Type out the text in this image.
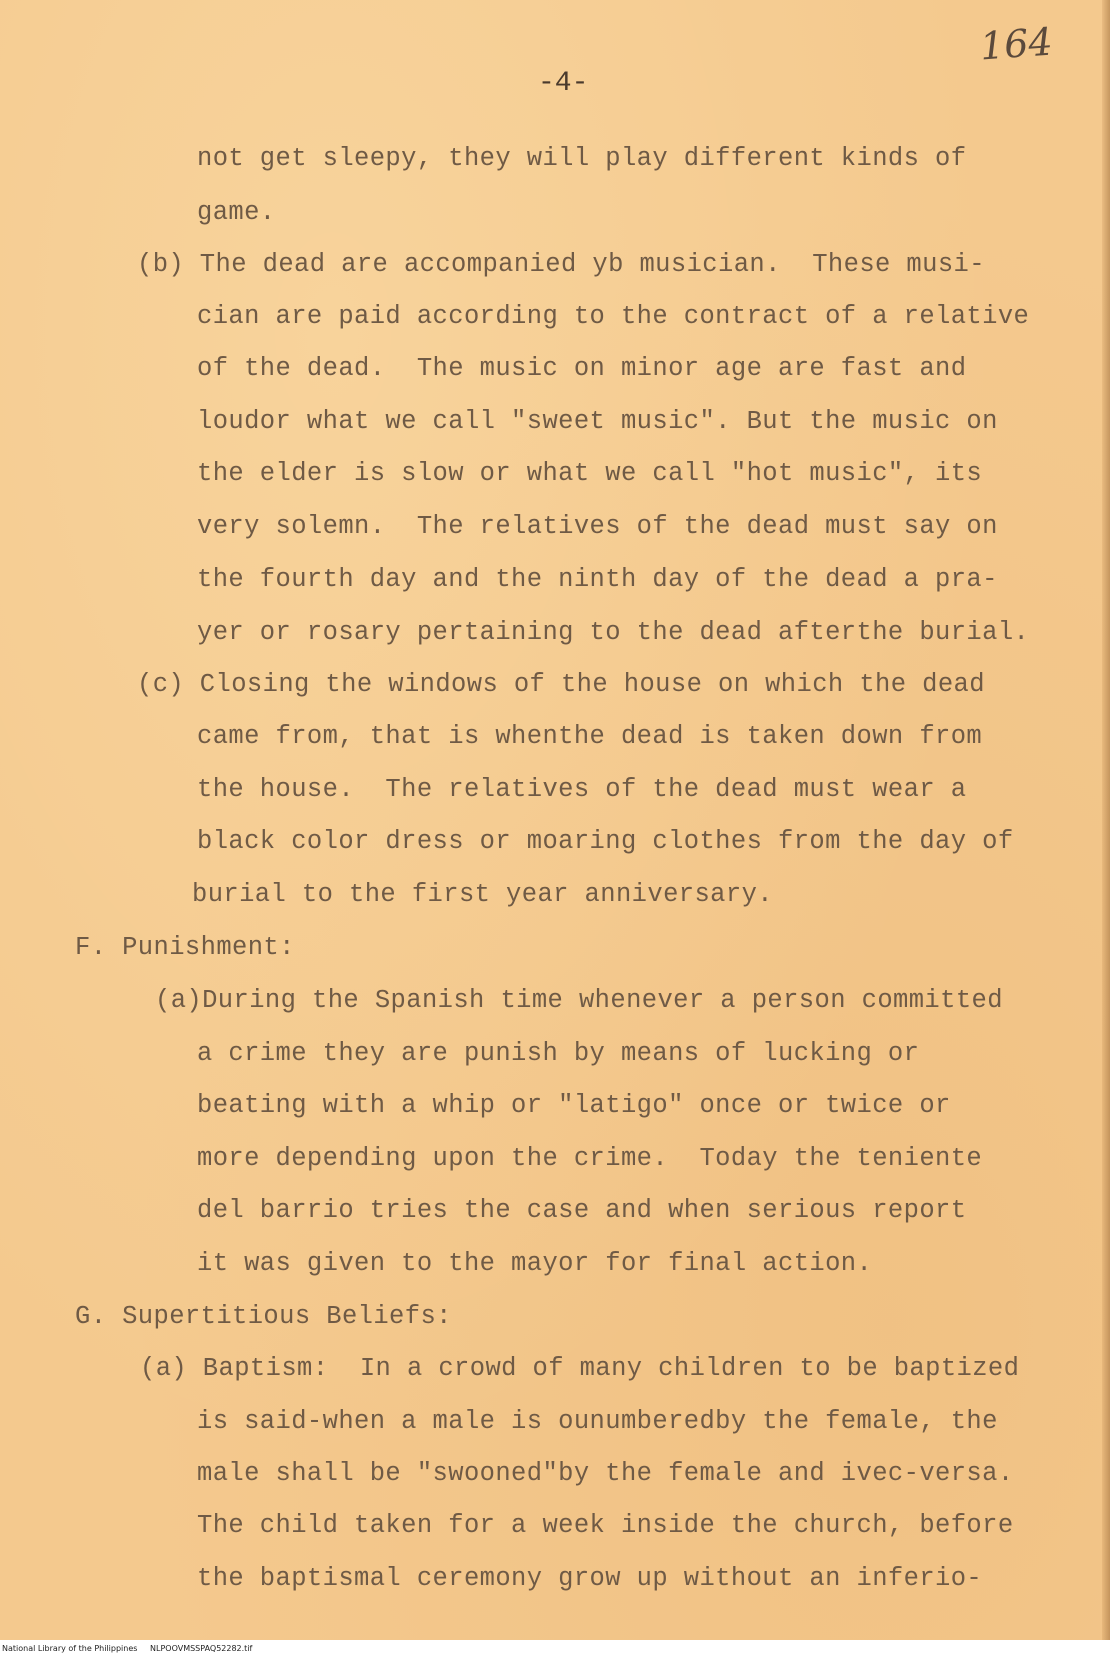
164
-4-
not get sleepy, they will play different kinds of
game.
(b) The dead are accompanied yb musician.  These musi-
cian are paid according to the contract of a relative
of the dead.  The music on minor age are fast and
loudor what we call "sweet music". But the music on
the elder is slow or what we call "hot music", its
very solemn.  The relatives of the dead must say on
the fourth day and the ninth day of the dead a pra-
yer or rosary pertaining to the dead afterthe burial.
(c) Closing the windows of the house on which the dead
came from, that is whenthe dead is taken down from
the house.  The relatives of the dead must wear a
black color dress or moaring clothes from the day of
burial to the first year anniversary.
F. Punishment:
(a)During the Spanish time whenever a person committed
a crime they are punish by means of lucking or
beating with a whip or "latigo" once or twice or
more depending upon the crime.  Today the teniente
del barrio tries the case and when serious report
it was given to the mayor for final action.
G. Supertitious Beliefs:
(a) Baptism:  In a crowd of many children to be baptized
is said-when a male is ounumberedby the female, the
male shall be "swooned"by the female and ivec-versa.
The child taken for a week inside the church, before
the baptismal ceremony grow up without an inferio-
National Library of the Philippines NLPOOVMSSPAQ52282.tif
